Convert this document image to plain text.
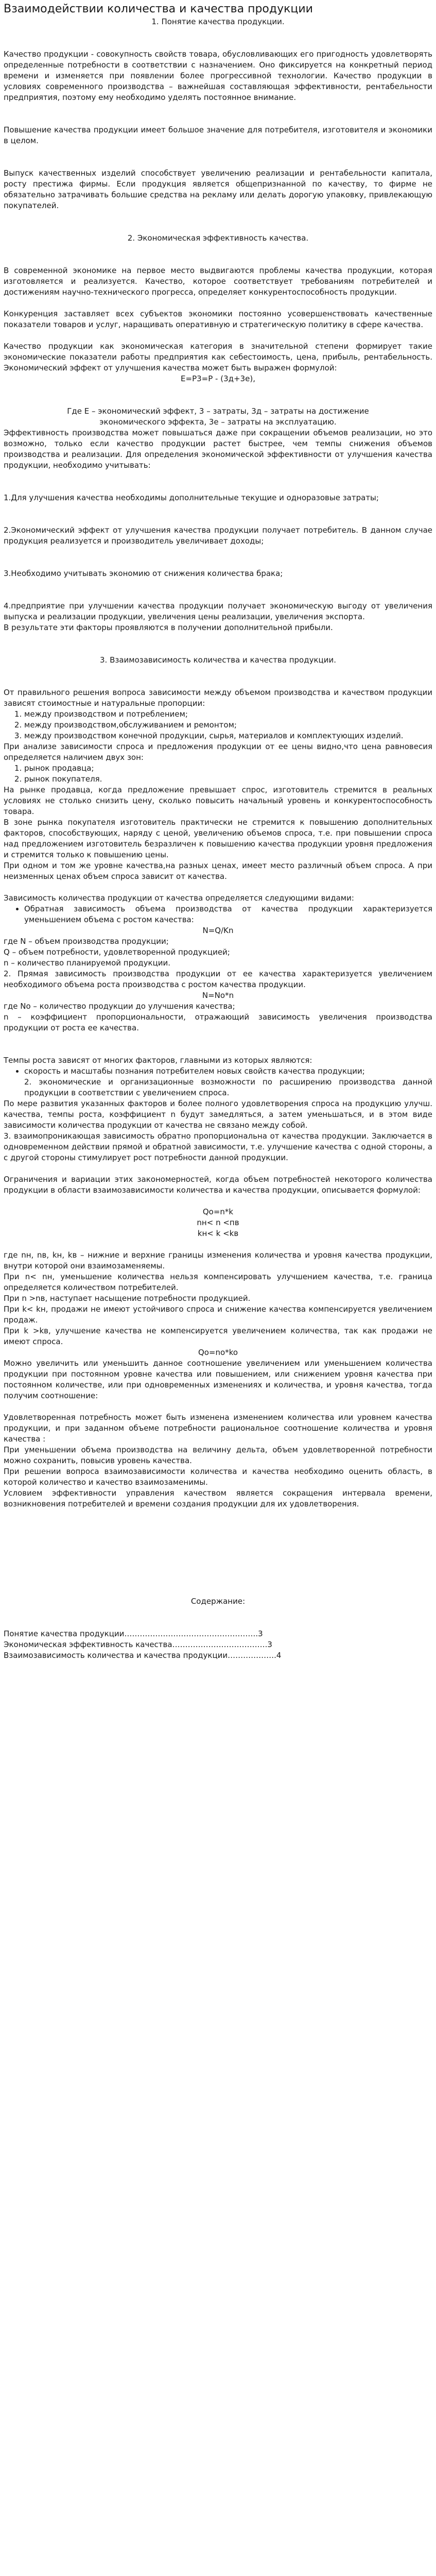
Взаимодействии количества и качества продукции

1. Понятие качества продукции.

Качество продукции - совокупность свойств товара, обусловливающих его пригодность удовлетворять определенные потребности в соответствии с назначением. Оно фиксируется на конкретный период времени и изменяется при появлении более прогрессивной технологии. Качество продукции в условиях современного производства – важнейшая составляющая эффективности, рентабельности предприятия, поэтому ему необходимо уделять постоянное внимание.

Повышение качества продукции имеет большое значение для потребителя, изготовителя и экономики в целом.

Выпуск качественных изделий способствует увеличению реализации и рентабельности капитала, росту престижа фирмы. Если продукция является общепризнанной по качеству, то фирме не обязательно затрачивать большие средства на рекламу или делать дорогую упаковку, привлекающую покупателей.

2. Экономическая эффективность качества.

В современной экономике на первое место выдвигаются проблемы качества продукции, которая изготовляется и реализуется. Качество, которое соответствует требованиям потребителей и достижениям научно-технического прогресса, определяет конкурентоспособность продукции.

Конкуренция заставляет всех субъектов экономики постоянно усовершенствовать качественные показатели товаров и услуг, наращивать оперативную и стратегическую политику в сфере качества.

Качество продукции как экономическая категория в значительной степени формирует такие экономические показатели работы предприятия как себестоимость, цена, прибыль, рентабельность. Экономический эффект от улучшения качества может быть выражен формулой:

E=P3=P - (3д+3е),

Где E – экономический эффект, 3 – затраты, 3д – затраты на достижение экономического эффекта, 3е – затраты на эксплуатацию.

Эффективность производства может повышаться даже при сокращении объемов реализации, но это возможно, только если качество продукции растет быстрее, чем темпы снижения объемов производства и реализации. Для определения экономической эффективности от улучшения качества продукции, необходимо учитывать:

1.Для улучшения качества необходимы дополнительные текущие и одноразовые затраты;

2.Экономический эффект от улучшения качества продукции получает потребитель. В данном случае продукция реализуется и производитель увеличивает доходы;

3.Необходимо учитывать экономию от снижения количества брака;

4.предприятие при улучшении качества продукции получает экономическую выгоду от увеличения выпуска и реализации продукции, увеличения цены реализации, увеличения экспорта.

В результате эти факторы проявляются в получении дополнительной прибыли.

3. Взаимозависимость количества и качества продукции.

От правильного решения вопроса зависимости между объемом производства и качеством продукции зависят стоимостные и натуральные пропорции:

1. между производством и потреблением;
2. между производством,обслуживанием и ремонтом;
3. между производством конечной продукции, сырья, материалов и комплектующих изделий.

При анализе зависимости спроса и предложения продукции от ее цены видно,что цена равновесия определяется наличием двух зон:

1. рынок продавца;
2. рынок покупателя.

На рынке продавца, когда предложение превышает спрос, изготовитель стремится в реальных условиях не столько снизить цену, сколько повысить начальный уровень и конкурентоспособность товара.

В зоне рынка покупателя изготовитель практически не стремится к повышению дополнительных факторов, способствующих, наряду с ценой, увеличению объемов спроса, т.е. при повышении спроса над предложением изготовитель безразличен к повышению качества продукции уровня предложения и стремится только к повышению цены.

При одном и том же уровне качества,на разных ценах, имеет место различный объем спроса. А при неизменных ценах объем спроса зависит от качества.

Зависимость количества продукции от качества определяется следующими видами:

• Обратная зависимость объема производства от качества продукции характеризуется уменьшением объема с ростом качества:

N=Q/Kn

где N – объем производства продукции;

Q – объем потребности, удовлетворенной продукцией;

n – количество планируемой продукции.

2. Прямая зависимость производства продукции от ее качества характеризуется увеличением необходимого объема роста производства с ростом качества продукции.

N=No*n

где No – количество продукции до улучшения качества;

n – коэффициент пропорциональности, отражающий зависимость увеличения производства продукции от роста ее качества.

Темпы роста зависят от многих факторов, главными из которых являются:

• скорость и масштабы познания потребителем новых свойств качества продукции;

2. экономические и организационные возможности по расширению производства данной продукции в соответствии с увеличением спроса.

По мере развития указанных факторов и более полного удовлетворения спроса на продукцию улучш. качества, темпы роста, коэффициент n будут замедляться, а затем уменьшаться, и в этом виде зависимости количества продукции от качества не связано между собой.

3. взаимопроникающая зависимость обратно пропорциональна от качества продукции. Заключается в одновременном действии прямой и обратной зависимости, т.е. улучшение качества с одной стороны, а с другой стороны стимулирует рост потребности данной продукции.

Ограничения и вариации этих закономерностей, когда объем потребностей некоторого количества продукции в области взаимозависимости количества и качества продукции, описывается формулой:

Qo=n*k

nн< n <пв

kн< k <kв

где nн, nв, kн, kв – нижние и верхние границы изменения количества и уровня качества продукции, внутри которой они взаимозаменяемы.

При n< nн, уменьшение количества нельзя компенсировать улучшением качества, т.е. граница определяется количеством потребителей.

При n >nв, наступает насыщение потребности продукцией.

При k< kн, продажи не имеют устойчивого спроса и снижение качества компенсируется увеличением продаж.

При k >kв, улучшение качества не компенсируется увеличением количества, так как продажи не имеют спроса.

Qo=no*ko

Можно увеличить или уменьшить данное соотношение увеличением или уменьшением количества продукции при постоянном уровне качества или повышением, или снижением уровня качества при постоянном количестве, или при одновременных изменениях и количества, и уровня качества, тогда получим соотношение:

Удовлетворенная потребность может быть изменена изменением количества или уровнем качества продукции, и при заданном объеме потребности рациональное соотношение количества и уровня качества :

При уменьшении объема производства на величину дельта, объем удовлетворенной потребности можно сохранить, повысив уровень качества.

При решении вопроса взаимозависимости количества и качества необходимо оценить область, в которой количество и качество взаимозаменимы.

Условием эффективности управления качеством является сокращения интервала времени, возникновения потребителей и времени создания продукции для их удовлетворения.

Содержание:

Понятие качества продукции…………………………………………….3

Экономическая эффективность качества……………………………….3

Взаимозависимость количества и качества продукции……………….4
